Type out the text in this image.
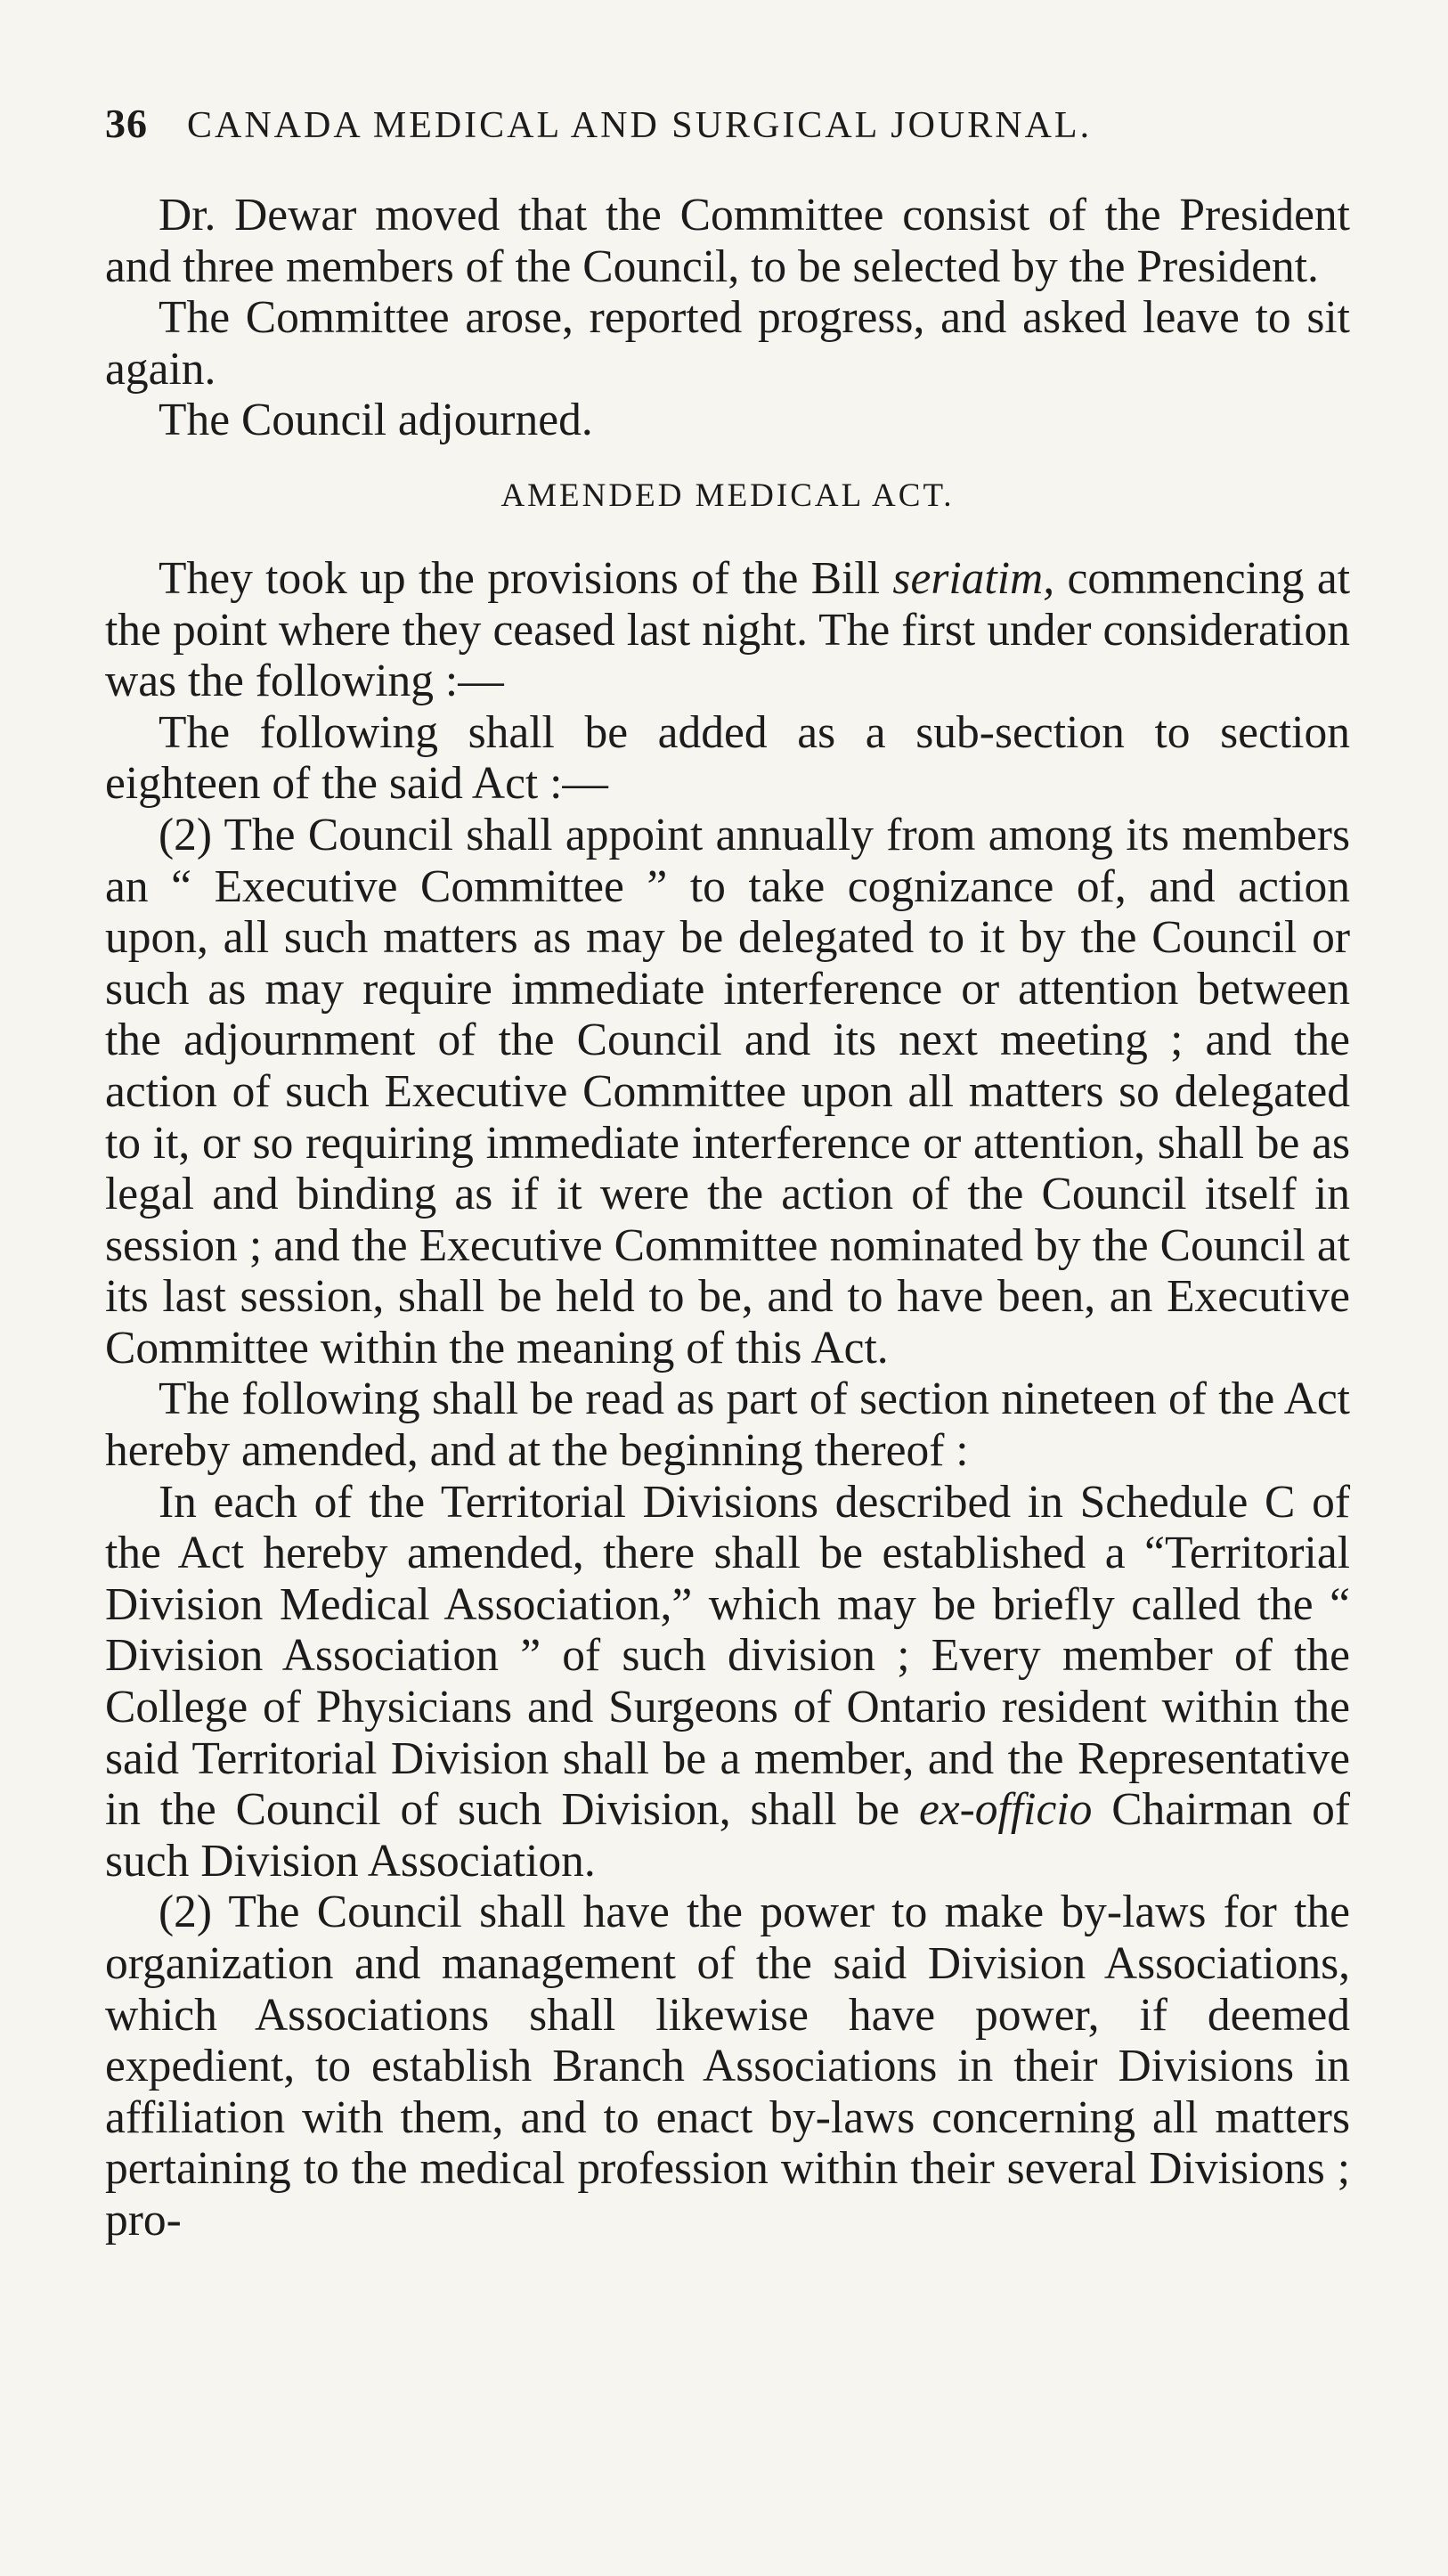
36 CANADA MEDICAL AND SURGICAL JOURNAL.

Dr. Dewar moved that the Committee consist of the President and three members of the Council, to be selected by the President.

The Committee arose, reported progress, and asked leave to sit again.

The Council adjourned.

AMENDED MEDICAL ACT.

They took up the provisions of the Bill seriatim, commencing at the point where they ceased last night. The first under consideration was the following :—

The following shall be added as a sub-section to section eighteen of the said Act :—

(2) The Council shall appoint annually from among its members an “ Executive Committee ” to take cognizance of, and action upon, all such matters as may be delegated to it by the Council or such as may require immediate interference or attention between the adjournment of the Council and its next meeting ; and the action of such Executive Committee upon all matters so delegated to it, or so requiring immediate interference or attention, shall be as legal and binding as if it were the action of the Council itself in session ; and the Executive Committee nominated by the Council at its last session, shall be held to be, and to have been, an Executive Committee within the meaning of this Act.

The following shall be read as part of section nineteen of the Act hereby amended, and at the beginning thereof :

In each of the Territorial Divisions described in Schedule C of the Act hereby amended, there shall be established a “Territorial Division Medical Association,” which may be briefly called the “ Division Association ” of such division ; Every member of the College of Physicians and Surgeons of Ontario resident within the said Territorial Division shall be a member, and the Representative in the Council of such Division, shall be ex-officio Chairman of such Division Association.

(2) The Council shall have the power to make by-laws for the organization and management of the said Division Associations, which Associations shall likewise have power, if deemed expedient, to establish Branch Associations in their Divisions in affiliation with them, and to enact by-laws concerning all matters pertaining to the medical profession within their several Divisions ; pro-
